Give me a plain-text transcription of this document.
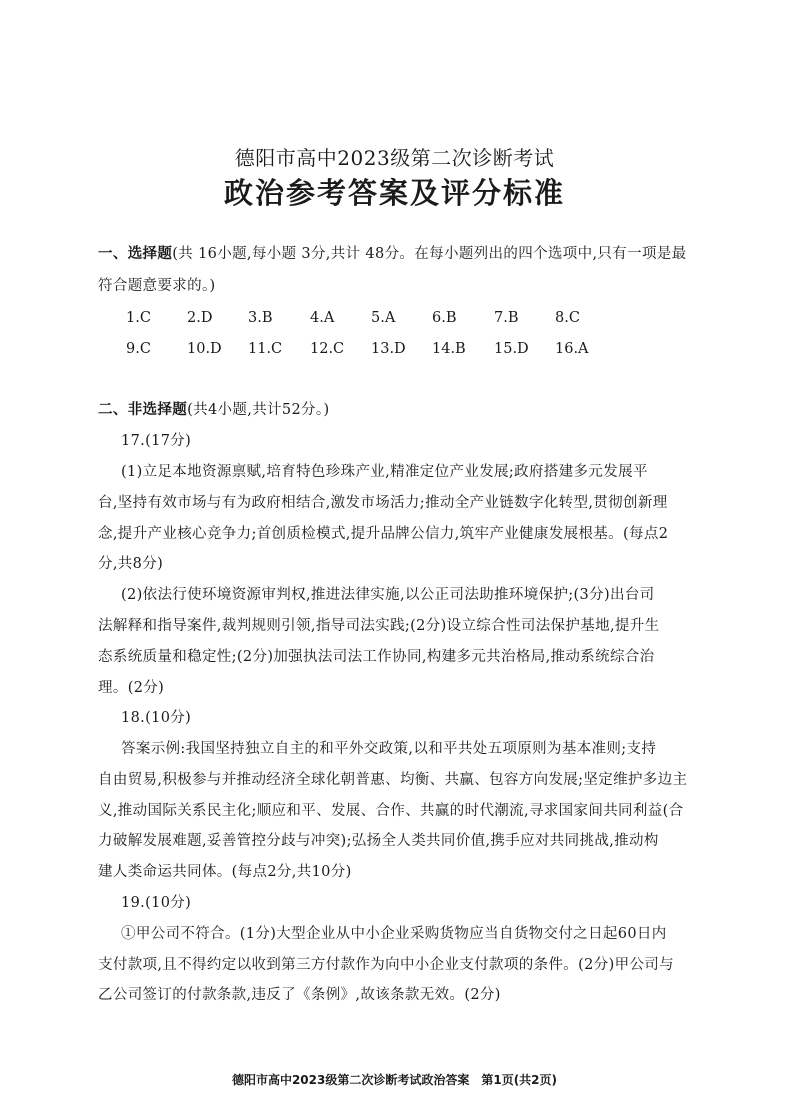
德阳市高中2023级第二次诊断考试
政治参考答案及评分标准
一、选择题(共 16小题,每小题 3分,共计 48分。在每小题列出的四个选项中,只有一项是最
符合题意要求的。)
1.C 2.D 3.B	4.A	5.A	6.B	7.B	8.C
9.C 10.D 11.C 12.C 13.D 14.B 15.D 16.A
二、非选择题(共4小题,共计52分。)
17.(17分)
(1)立足本地资源禀赋,培育特色珍珠产业,精准定位产业发展;政府搭建多元发展平
台,坚持有效市场与有为政府相结合,激发市场活力;推动全产业链数字化转型,贯彻创新理
念,提升产业核心竞争力;首创质检模式,提升品牌公信力,筑牢产业健康发展根基。(每点2
分,共8分)
(2)依法行使环境资源审判权,推进法律实施,以公正司法助推环境保护;(3分)出台司
法解释和指导案件,裁判规则引领,指导司法实践;(2分)设立综合性司法保护基地,提升生
态系统质量和稳定性;(2分)加强执法司法工作协同,构建多元共治格局,推动系统综合治
理。(2分)
18.(10分)
答案示例:我国坚持独立自主的和平外交政策,以和平共处五项原则为基本准则;支持
自由贸易,积极参与并推动经济全球化朝普惠、均衡、共赢、包容方向发展;坚定维护多边主
义,推动国际关系民主化;顺应和平、发展、合作、共赢的时代潮流,寻求国家间共同利益(合
力破解发展难题,妥善管控分歧与冲突);弘扬全人类共同价值,携手应对共同挑战,推动构
建人类命运共同体。(每点2分,共10分)
19.(10分)
①甲公司不符合。(1分)大型企业从中小企业采购货物应当自货物交付之日起60日内
支付款项,且不得约定以收到第三方付款作为向中小企业支付款项的条件。(2分)甲公司与
乙公司签订的付款条款,违反了《条例》,故该条款无效。(2分)
德阳市高中2023级第二次诊断考试政治答案　第1页(共2页)
